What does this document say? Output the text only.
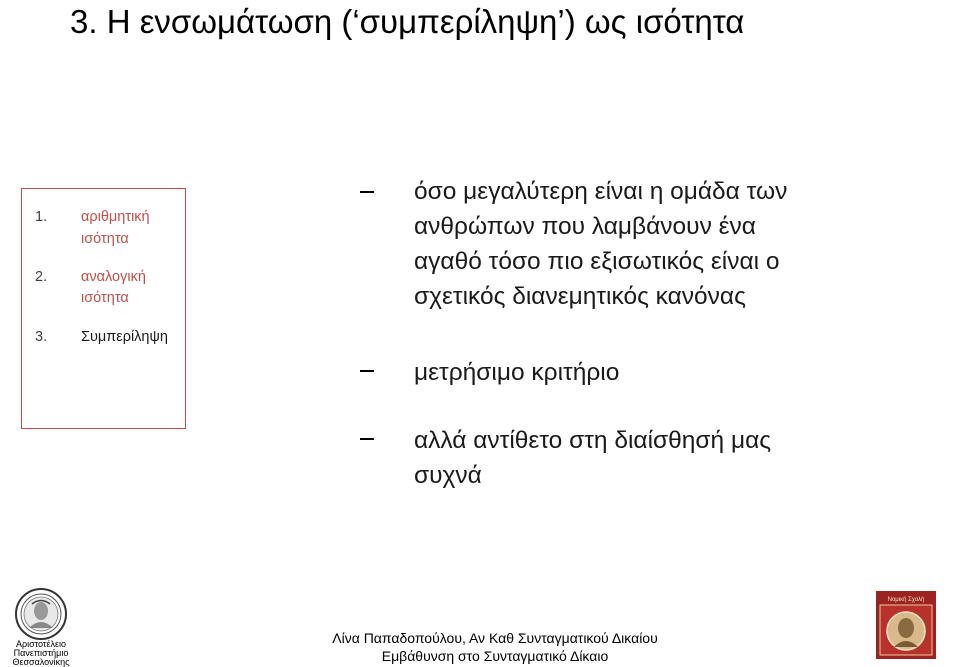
3. Η ενσωμάτωση (‘συμπερίληψη’) ως ισότητα
1. αριθμητική
ισότητα
2. αναλογική
ισότητα
3. Συμπερίληψη
όσο μεγαλύτερη είναι η ομάδα των
ανθρώπων που λαμβάνουν ένα
αγαθό τόσο πιο εξισωτικός είναι ο
σχετικός διανεμητικός κανόνας
μετρήσιμο κριτήριο
αλλά αντίθετο στη διαίσθησή μας
συχνά
Αριστοτέλειο
Πανεπιστήμιο
Θεσσαλονίκης
Λίνα Παπαδοπούλου, Αν Καθ Συνταγματικού Δικαίου
Εμβάθυνση στο Συνταγματικό Δίκαιο
Νομική Σχολή
